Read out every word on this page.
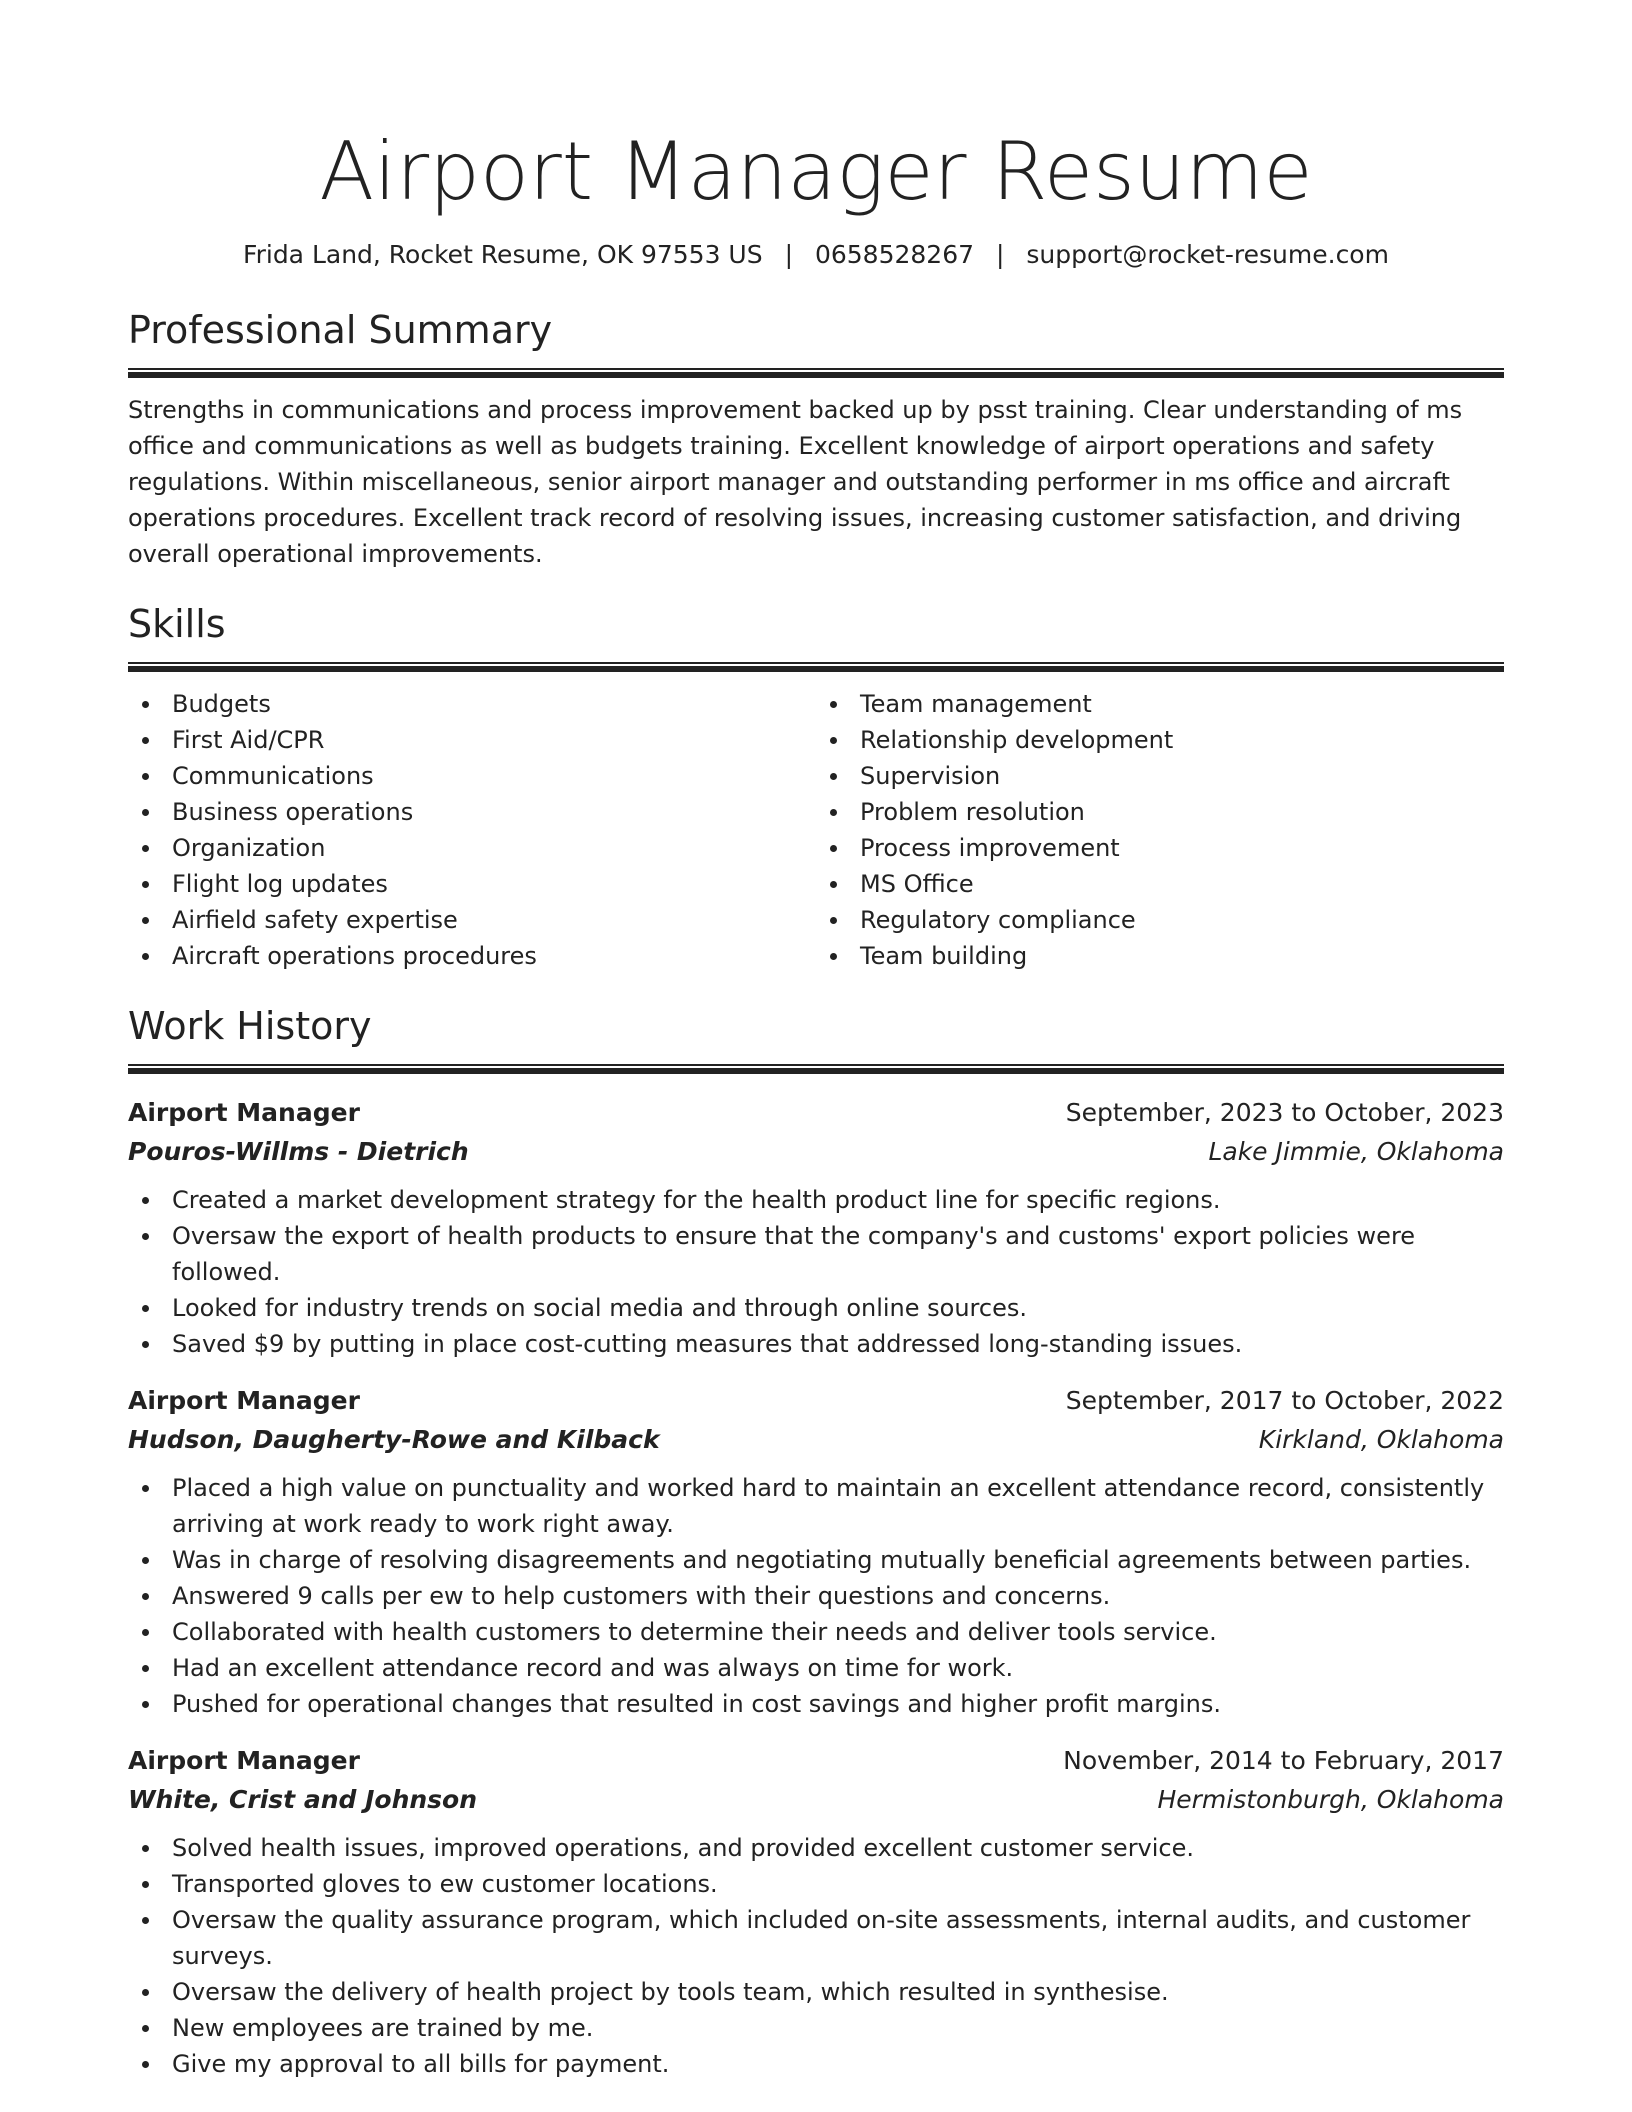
Airport Manager Resume
Frida Land, Rocket Resume, OK 97553 US | 0658528267 | support@rocket-resume.com
Professional Summary

Strengths in communications and process improvement backed up by psst training. Clear understanding of ms office and communications as well as budgets training. Excellent knowledge of airport operations and safety regulations. Within miscellaneous, senior airport manager and outstanding performer in ms office and aircraft operations procedures. Excellent track record of resolving issues, increasing customer satisfaction, and driving overall operational improvements.

Skills
Budgets
First Aid/CPR
Communications
Business operations
Organization
Flight log updates
Airfield safety expertise
Aircraft operations procedures
Team management
Relationship development
Supervision
Problem resolution
Process improvement
MS Office
Regulatory compliance
Team building
Work History
Airport Manager	September, 2023 to October, 2023
Pouros-Willms - Dietrich	Lake Jimmie, Oklahoma
Created a market development strategy for the health product line for specific regions.
Oversaw the export of health products to ensure that the company's and customs' export policies were followed.
Looked for industry trends on social media and through online sources.
Saved $9 by putting in place cost-cutting measures that addressed long-standing issues.
Airport Manager	September, 2017 to October, 2022
Hudson, Daugherty-Rowe and Kilback	Kirkland, Oklahoma
Placed a high value on punctuality and worked hard to maintain an excellent attendance record, consistently arriving at work ready to work right away.
Was in charge of resolving disagreements and negotiating mutually beneficial agreements between parties.
Answered 9 calls per ew to help customers with their questions and concerns.
Collaborated with health customers to determine their needs and deliver tools service.
Had an excellent attendance record and was always on time for work.
Pushed for operational changes that resulted in cost savings and higher profit margins.
Airport Manager	November, 2014 to February, 2017
White, Crist and Johnson	Hermistonburgh, Oklahoma
Solved health issues, improved operations, and provided excellent customer service.
Transported gloves to ew customer locations.
Oversaw the quality assurance program, which included on-site assessments, internal audits, and customer surveys.
Oversaw the delivery of health project by tools team, which resulted in synthesise.
New employees are trained by me.
Give my approval to all bills for payment.
